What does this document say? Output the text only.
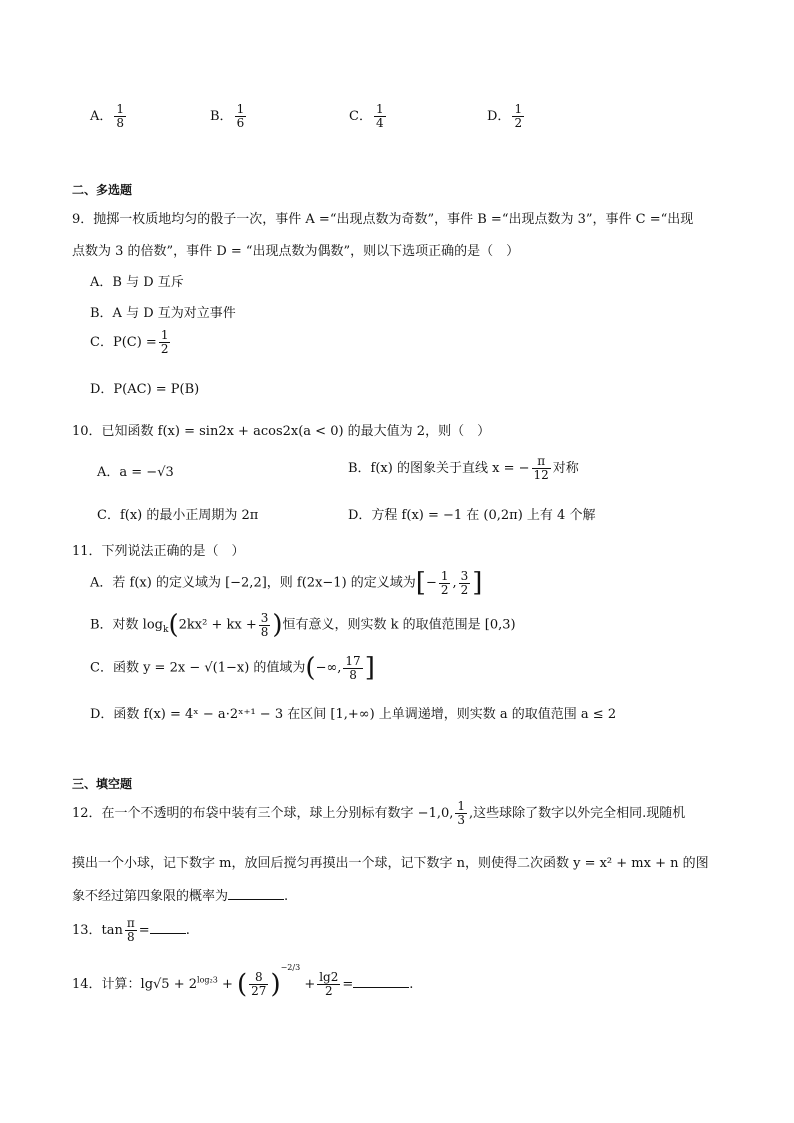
A． $\frac{1}{8}$	B． $\frac{1}{6}$	C． $\frac{1}{4}$	D． $\frac{1}{2}$
二、多选题
9．抛掷一枚质地均匀的骰子一次，事件 A =“出现点数为奇数”，事件 B =“出现点数为 3”，事件 C =“出现
点数为 3 的倍数”，事件 D = “出现点数为偶数”，则以下选项正确的是（　）
A．B 与 D 互斥
B．A 与 D 互为对立事件
C．$P(C) = \frac{1}{2}$
D．P(AC) = P(B)
10．已知函数 f(x) = sin2x + acos2x(a < 0) 的最大值为 2，则（　）
A．a = −√3	B．f(x) 的图象关于直线 x = − $\frac{\pi}{12}$ 对称
C．f(x) 的最小正周期为 2π	D．方程 f(x) = −1 在 (0,2π) 上有 4 个解
11．下列说法正确的是（　）
A．若 f(x) 的定义域为 [−2,2]，则 f(2x−1) 的定义域为[− $\frac{1}{2}$ , $\frac{3}{2}$ ]
B．对数 $\log_k(2kx^2$ + kx + $\frac{3}{8}$ )恒有意义，则实数 k 的取值范围是 [0,3)
C．函数 y = 2x − √(1−x) 的值域为(−∞, $\frac{17}{8}$ ]
D．函数 f(x) = 4ˣ − a·2ˣ⁺¹ − 3 在区间 [1,+∞) 上单调递增，则实数 a 的取值范围 a ≤ 2
三、填空题
12．在一个不透明的布袋中装有三个球，球上分别标有数字 −1,0, $\frac{1}{3}$ ,这些球除了数字以外完全相同.现随机
摸出一个小球，记下数字 m，放回后搅匀再摸出一个球，记下数字 n，则使得二次函数 y = x² + mx + n 的图
象不经过第四象限的概率为	.
13．$\tan \frac{\pi}{8}$ =	.
14．计算：$\lg√5 + 2^{log_23}$ + ( $\frac{8}{27} )^{-2/3} + \frac{\lg 2}{2}$ =	.
